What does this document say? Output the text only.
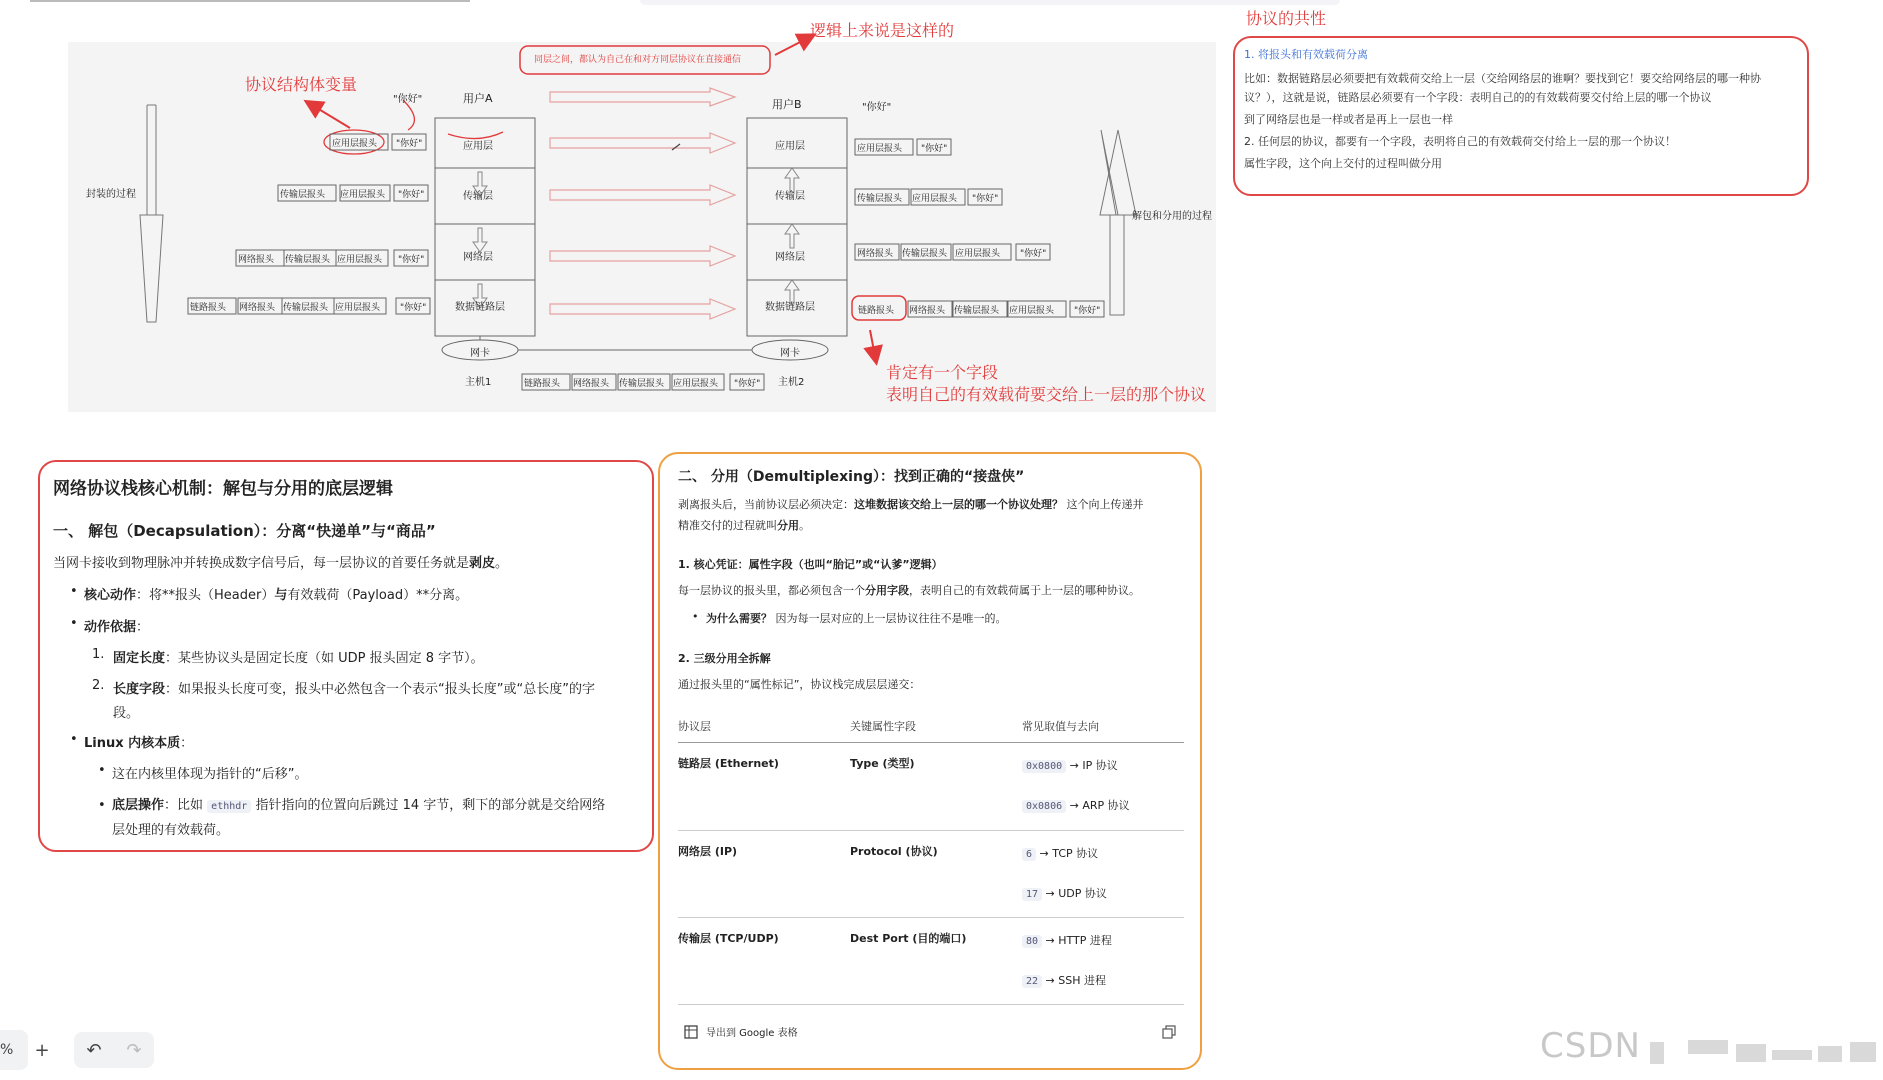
用户A	用户B
"你好"
"你好"
封装的过程
解包和分用的过程
主机1	主机2
网卡	网卡
应用层
传输层
网络层
数据链路层
应用层
传输层
网络层
数据链路层
应用层报头 "你好"
传输层报头 应用层报头 "你好"
网络报头 传输层报头 应用层报头 "你好"
链路报头 网络报头 传输层报头 应用层报头 "你好"
应用层报头 "你好"
传输层报头 应用层报头 "你好"
网络报头 传输层报头 应用层报头 "你好"
链路报头 网络报头 传输层报头 应用层报头 "你好"
链路报头 网络报头 传输层报头 应用层报头 "你好"
逻辑上来说是这样的
同层之间，都认为自己在和对方同层协议在直接通信
协议结构体变量
肯定有一个字段
表明自己的有效载荷要交给上一层的那个协议
协议的共性
1. 将报头和有效载荷分离
比如：数据链路层必须要把有效载荷交给上一层（交给网络层的谁啊？要找到它！要交给网络层的哪一种协议？），这就是说，链路层必须要有一个字段：表明自己的的有效载荷要交付给上层的哪一个协议
到了网络层也是一样或者是再上一层也一样
2. 任何层的协议，都要有一个字段，表明将自己的有效载荷交付给上一层的那一个协议！
属性字段，这个向上交付的过程叫做分用
网络协议栈核心机制：解包与分用的底层逻辑
一、 解包（Decapsulation）：分离“快递单”与“商品”
当网卡接收到物理脉冲并转换成数字信号后，每一层协议的首要任务就是剥皮。
• 核心动作：将**报头（Header）与有效载荷（Payload）**分离。
• 动作依据：
1. 固定长度：某些协议头是固定长度（如 UDP 报头固定 8 字节）。
2. 长度字段：如果报头长度可变，报头中必然包含一个表示“报头长度”或“总长度”的字
段。
• Linux 内核本质：
• 这在内核里体现为指针的“后移”。
• 底层操作：比如 ethhdr 指针指向的位置向后跳过 14 字节，剩下的部分就是交给网络
层处理的有效载荷。
二、 分用（Demultiplexing）：找到正确的“接盘侠”
剥离报头后，当前协议层必须决定：这堆数据该交给上一层的哪一个协议处理？ 这个向上传递并
精准交付的过程就叫分用。
1. 核心凭证：属性字段（也叫“胎记”或“认爹”逻辑）
每一层协议的报头里，都必须包含一个分用字段，表明自己的有效载荷属于上一层的哪种协议。
• 为什么需要？ 因为每一层对应的上一层协议往往不是唯一的。
2. 三级分用全拆解
通过报头里的“属性标记”，协议栈完成层层递交：
协议层	关键属性字段	常见取值与去向
链路层 (Ethernet)	Type (类型)	0x0800 → IP 协议
0x0806 → ARP 协议
网络层 (IP)	Protocol (协议)	6 → TCP 协议
17 → UDP 协议
传输层 (TCP/UDP)	Dest Port (目的端口)	80 → HTTP 进程
22 → SSH 进程
导出到 Google 表格
% + ↶ ↷	CSDN
